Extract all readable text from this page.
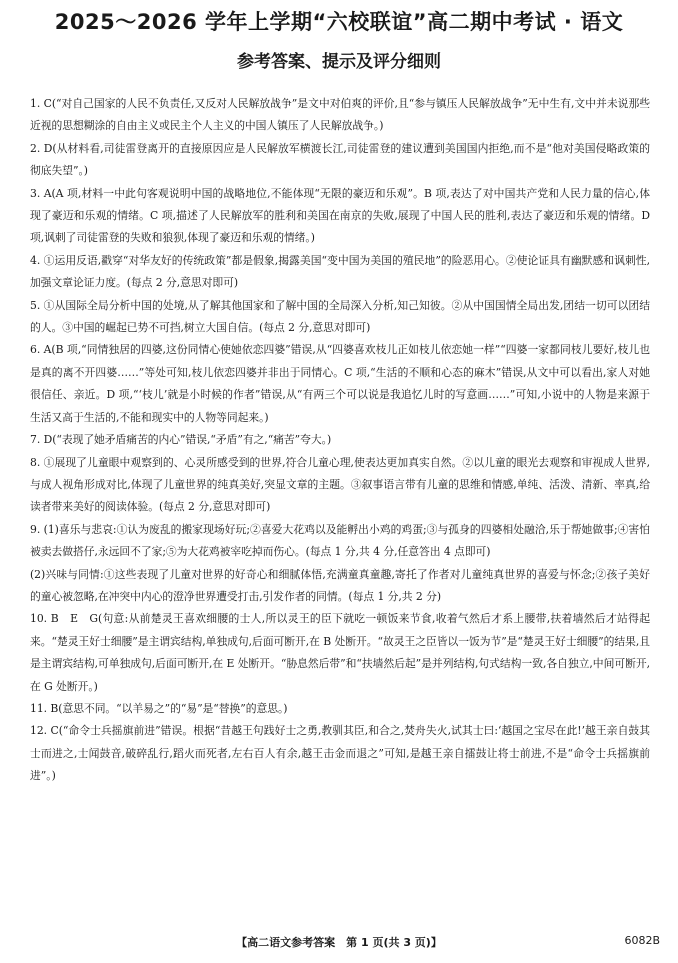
2025～2026 学年上学期“六校联谊”高二期中考试 · 语文
参考答案、提示及评分细则

1. C(“对自己国家的人民不负责任,又反对人民解放战争”是文中对伯爽的评价,且“参与镇压人民解放战争”无中生有,文中并未说那些近视的思想糊涂的自由主义或民主个人主义的中国人镇压了人民解放战争。)

2. D(从材料看,司徒雷登离开的直接原因应是人民解放军横渡长江,司徒雷登的建议遭到美国国内拒绝,而不是“他对美国侵略政策的彻底失望”。)

3. A(A 项,材料一中此句客观说明中国的战略地位,不能体现“无限的豪迈和乐观”。B 项,表达了对中国共产党和人民力量的信心,体现了豪迈和乐观的情绪。C 项,描述了人民解放军的胜利和美国在南京的失败,展现了中国人民的胜利,表达了豪迈和乐观的情绪。D 项,讽刺了司徒雷登的失败和狼狈,体现了豪迈和乐观的情绪。)

4. ①运用反语,戳穿“对华友好的传统政策”都是假象,揭露美国“变中国为美国的殖民地”的险恶用心。②使论证具有幽默感和讽刺性,加强文章论证力度。(每点 2 分,意思对即可)

5. ①从国际全局分析中国的处境,从了解其他国家和了解中国的全局深入分析,知己知彼。②从中国国情全局出发,团结一切可以团结的人。③中国的崛起已势不可挡,树立大国自信。(每点 2 分,意思对即可)

6. A(B 项,“同情独居的四婆,这份同情心使她依恋四婆”错误,从“四婆喜欢枝儿正如枝儿依恋她一样”“四婆一家都同枝儿要好,枝儿也是真的离不开四婆……”等处可知,枝儿依恋四婆并非出于同情心。C 项,“生活的不顺和心态的麻木”错误,从文中可以看出,家人对她很信任、亲近。D 项,“‘枝儿’就是小时候的作者”错误,从“有两三个可以说是我追忆儿时的写意画……”可知,小说中的人物是来源于生活又高于生活的,不能和现实中的人物等同起来。)

7. D(“表现了她矛盾痛苦的内心”错误,“矛盾”有之,“痛苦”夸大。)

8. ①展现了儿童眼中观察到的、心灵所感受到的世界,符合儿童心理,使表达更加真实自然。②以儿童的眼光去观察和审视成人世界,与成人视角形成对比,体现了儿童世界的纯真美好,突显文章的主题。③叙事语言带有儿童的思维和情感,单纯、活泼、清新、率真,给读者带来美好的阅读体验。(每点 2 分,意思对即可)

9. (1)喜乐与悲哀:①认为废乱的搬家现场好玩;②喜爱大花鸡以及能孵出小鸡的鸡蛋;③与孤身的四婆相处融洽,乐于帮她做事;④害怕被卖去做搭仔,永远回不了家;⑤为大花鸡被宰吃掉而伤心。(每点 1 分,共 4 分,任意答出 4 点即可)

(2)兴味与同情:①这些表现了儿童对世界的好奇心和细腻体悟,充满童真童趣,寄托了作者对儿童纯真世界的喜爱与怀念;②孩子美好的童心被忽略,在冲突中内心的澄净世界遭受打击,引发作者的同情。(每点 1 分,共 2 分)

10. B　E　G(句意:从前楚灵王喜欢细腰的士人,所以灵王的臣下就吃一顿饭来节食,收着气然后才系上腰带,扶着墙然后才站得起来。“楚灵王好士细腰”是主谓宾结构,单独成句,后面可断开,在 B 处断开。“故灵王之臣皆以一饭为节”是“楚灵王好士细腰”的结果,且是主谓宾结构,可单独成句,后面可断开,在 E 处断开。“胁息然后带”和“扶墙然后起”是并列结构,句式结构一致,各自独立,中间可断开,在 G 处断开。)

11. B(意思不同。“以羊易之”的“易”是“替换”的意思。)

12. C(“命令士兵摇旗前进”错误。根据“昔越王句践好士之勇,教驯其臣,和合之,焚舟失火,试其士曰:‘越国之宝尽在此!’越王亲自鼓其士而进之,士闻鼓音,破碎乱行,蹈火而死者,左右百人有余,越王击金而退之”可知,是越王亲自擂鼓让将士前进,不是“命令士兵摇旗前进”。)

【高二语文参考答案　第 1 页(共 3 页)】	6082B
